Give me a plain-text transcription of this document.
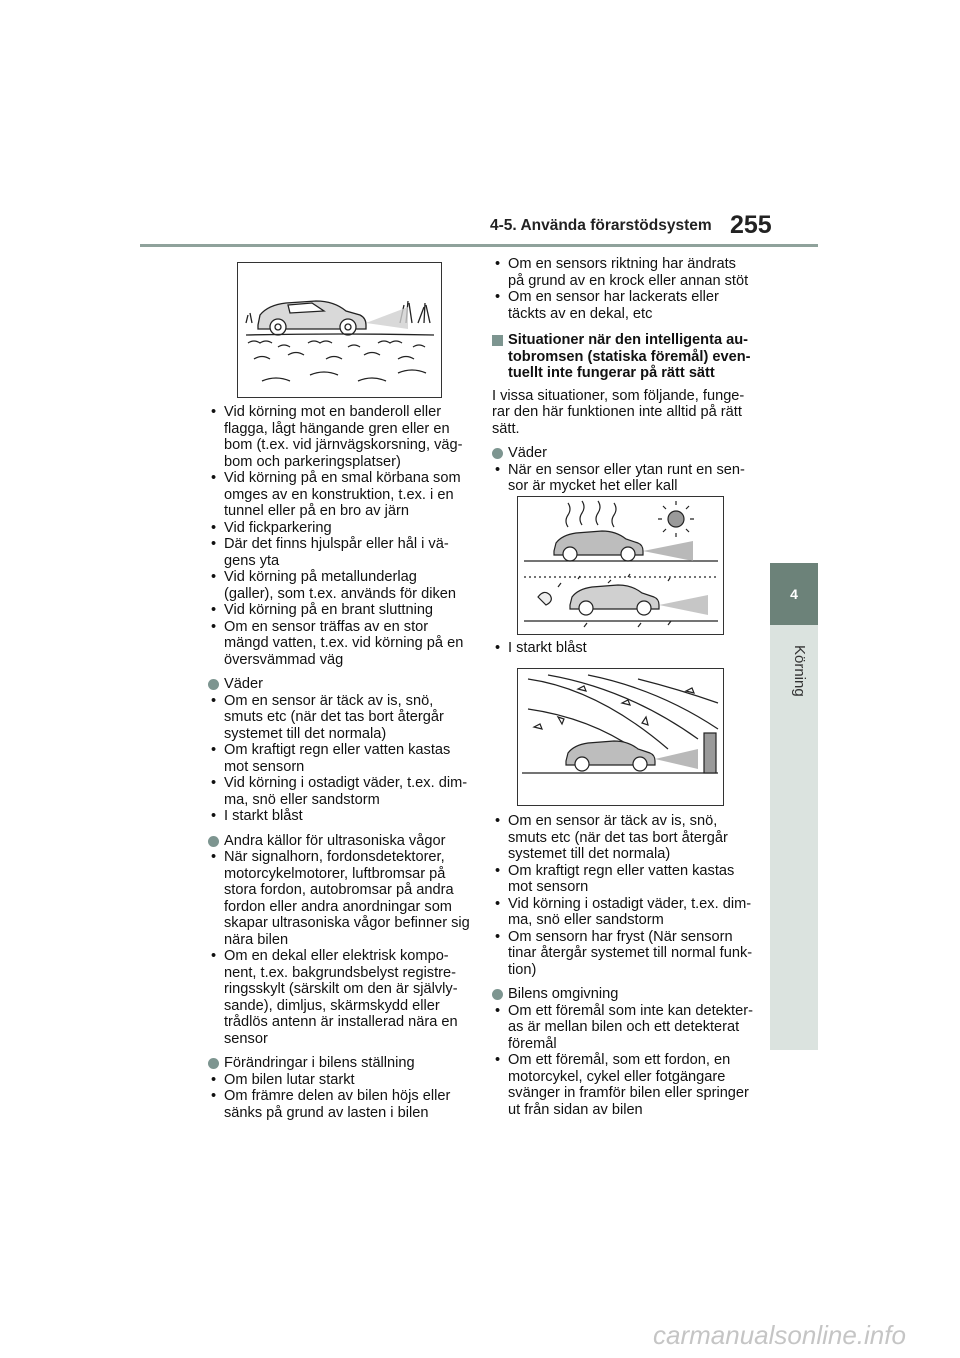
4-5. Använda förarstödsystem 255
4
Körning
• Vid körning mot en banderoll eller flagga, lågt hängande gren eller en bom (t.ex. vid järnvägskorsning, väg-bom och parkeringsplatser)
• Vid körning på en smal körbana som omges av en konstruktion, t.ex. i en tunnel eller på en bro av järn
• Vid fickparkering
• Där det finns hjulspår eller hål i vä-gens yta
• Vid körning på metallunderlag (galler), som t.ex. används för diken
• Vid körning på en brant sluttning
• Om en sensor träffas av en stor mängd vatten, t.ex. vid körning på en översvämmad väg
Väder
• Om en sensor är täck av is, snö, smuts etc (när det tas bort återgår systemet till det normala)
• Om kraftigt regn eller vatten kastas mot sensorn
• Vid körning i ostadigt väder, t.ex. dim-ma, snö eller sandstorm
• I starkt blåst
Andra källor för ultrasoniska vågor
• När signalhorn, fordonsdetektorer, motorcykelmotorer, luftbromsar på stora fordon, autobromsar på andra fordon eller andra anordningar som skapar ultrasoniska vågor befinner sig nära bilen
• Om en dekal eller elektrisk kompo-nent, t.ex. bakgrundsbelyst registre-ringsskylt (särskilt om den är självly-sande), dimljus, skärmskydd eller trådlös antenn är installerad nära en sensor
Förändringar i bilens ställning
• Om bilen lutar starkt
• Om främre delen av bilen höjs eller sänks på grund av lasten i bilen
• Om en sensors riktning har ändrats på grund av en krock eller annan stöt
• Om en sensor har lackerats eller täckts av en dekal, etc
Situationer när den intelligenta au-tobromsen (statiska föremål) even-tuellt inte fungerar på rätt sätt
I vissa situationer, som följande, funge-rar den här funktionen inte alltid på rätt sätt.
Väder
• När en sensor eller ytan runt en sen-sor är mycket het eller kall
• I starkt blåst
• Om en sensor är täck av is, snö, smuts etc (när det tas bort återgår systemet till det normala)
• Om kraftigt regn eller vatten kastas mot sensorn
• Vid körning i ostadigt väder, t.ex. dim-ma, snö eller sandstorm
• Om sensorn har fryst (När sensorn tinar återgår systemet till normal funk-tion)
Bilens omgivning
• Om ett föremål som inte kan detekter-as är mellan bilen och ett detekterat föremål
• Om ett föremål, som ett fordon, en motorcykel, cykel eller fotgängare svänger in framför bilen eller springer ut från sidan av bilen
carmanualsonline.info
